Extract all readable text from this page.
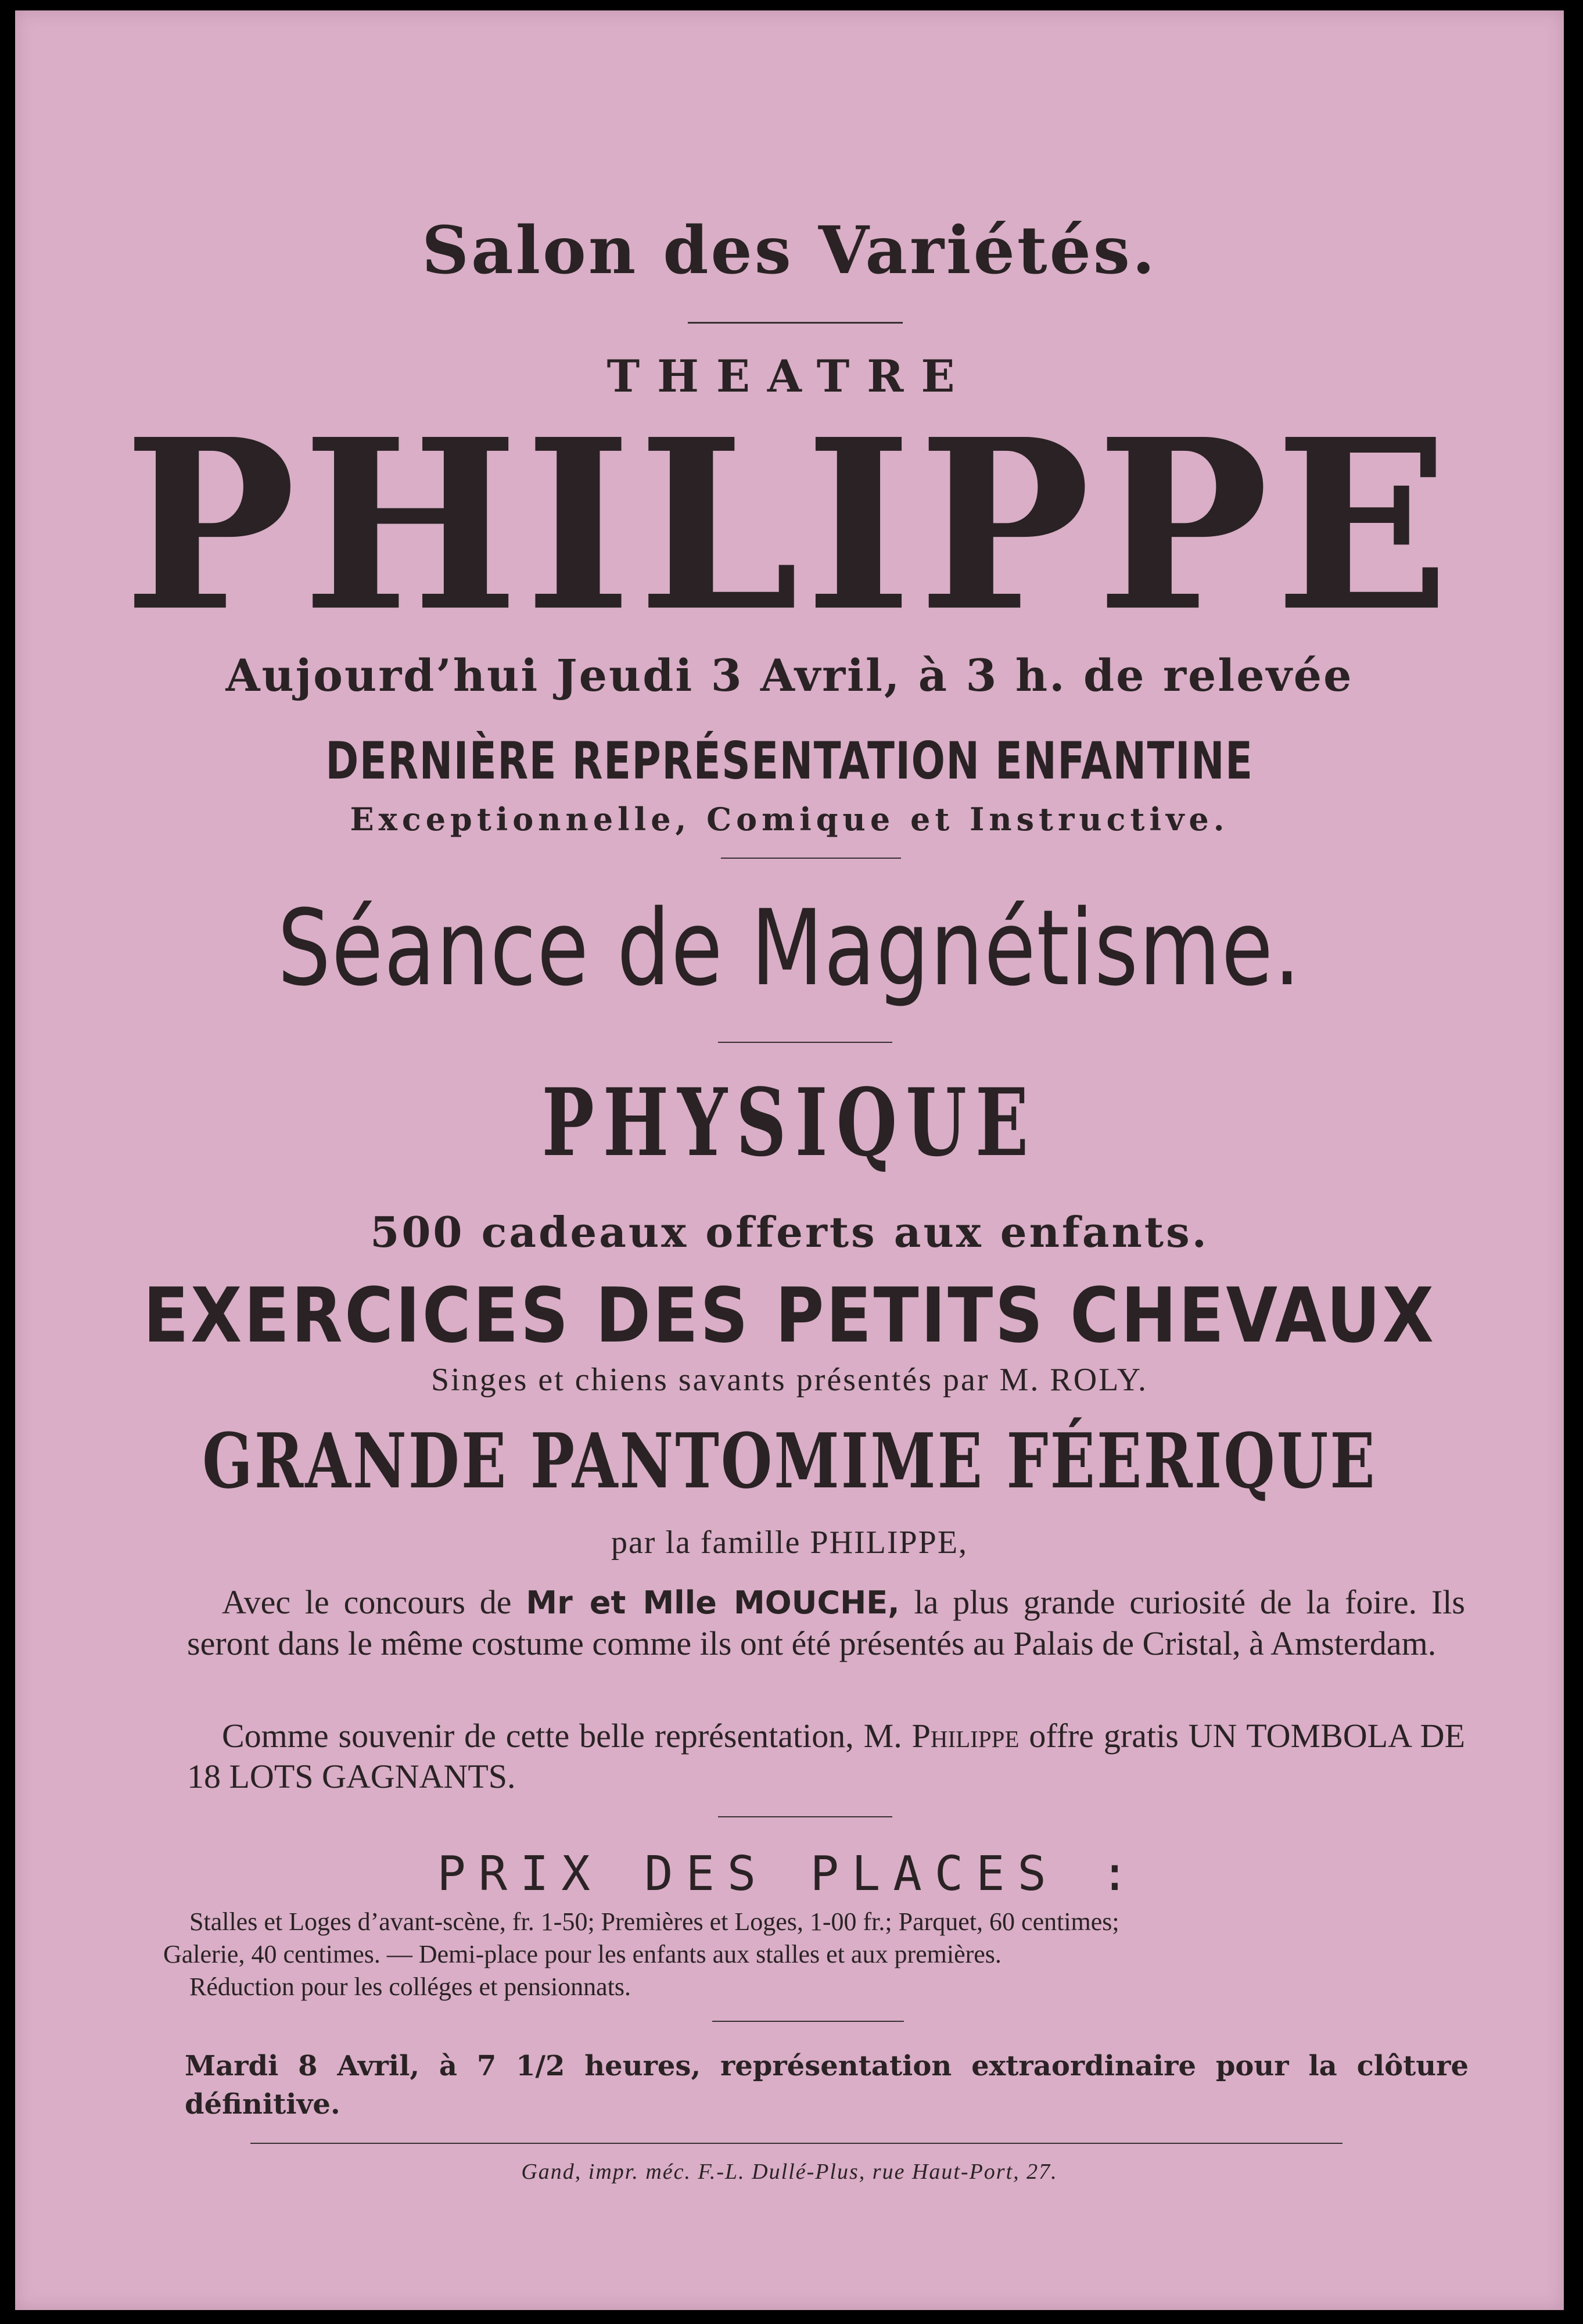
Salon des Variétés.
THEATRE
PHILIPPE
Aujourd’hui Jeudi 3 Avril, à 3 h. de relevée
DERNIÈRE REPRÉSENTATION ENFANTINE
Exceptionnelle, Comique et Instructive.
Séance de Magnétisme.
PHYSIQUE
500 cadeaux offerts aux enfants.
EXERCICES DES PETITS CHEVAUX
Singes et chiens savants présentés par M. ROLY.
GRANDE PANTOMIME FÉERIQUE
par la famille PHILIPPE,
Avec le concours de Mr et Mlle MOUCHE, la plus grande curiosité de la foire. Ils seront dans le même costume comme ils ont été présentés au Palais de Cristal, à Amsterdam.
Comme souvenir de cette belle représentation, M. Philippe offre gratis UN TOMBOLA DE 18 LOTS GAGNANTS.
PRIX DES PLACES :
Stalles et Loges d’avant-scène, fr. 1-50; Premières et Loges, 1-00 fr.; Parquet, 60 centimes;
Galerie, 40 centimes. — Demi-place pour les enfants aux stalles et aux premières.
Réduction pour les colléges et pensionnats.
Mardi 8 Avril, à 7 1/2 heures, représentation extraordinaire pour la clôture définitive.
Gand, impr. méc. F.-L. Dullé-Plus, rue Haut-Port, 27.
